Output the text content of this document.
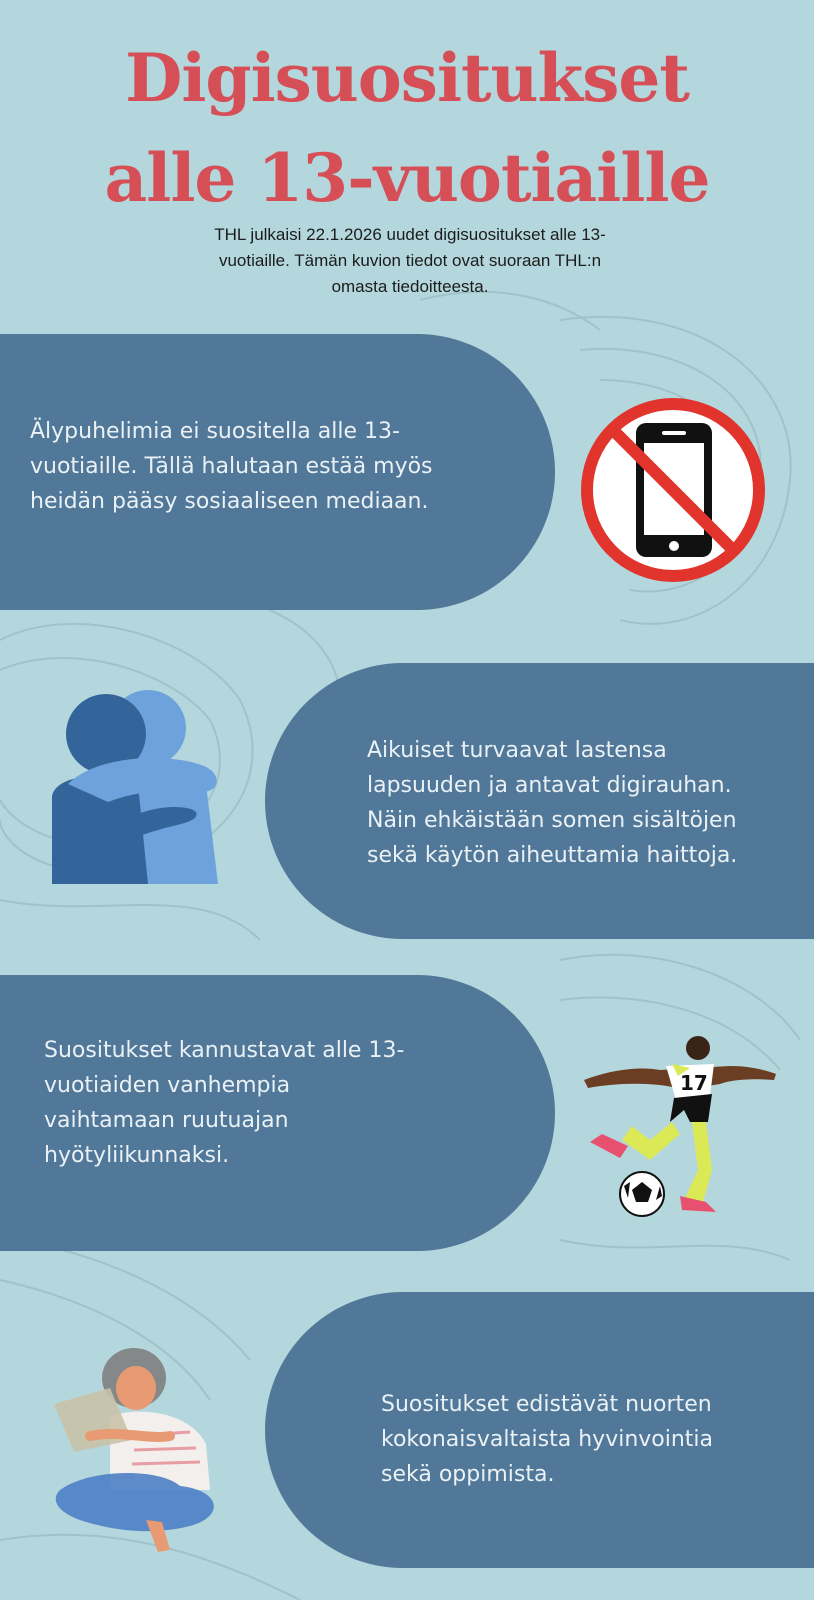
Digisuositukset
alle 13-vuotiaille
THL julkaisi 22.1.2026 uudet digisuositukset alle 13-
vuotiaille. Tämän kuvion tiedot ovat suoraan THL:n
omasta tiedoitteesta.
Älypuhelimia ei suositella alle 13-
vuotiaille. Tällä halutaan estää myös
heidän pääsy sosiaaliseen mediaan.
Aikuiset turvaavat lastensa
lapsuuden ja antavat digirauhan.
Näin ehkäistään somen sisältöjen
sekä käytön aiheuttamia haittoja.
Suositukset kannustavat alle 13-
vuotiaiden vanhempia
vaihtamaan ruutuajan
hyötyliikunnaksi.
17
Suositukset edistävät nuorten
kokonaisvaltaista hyvinvointia
sekä oppimista.
